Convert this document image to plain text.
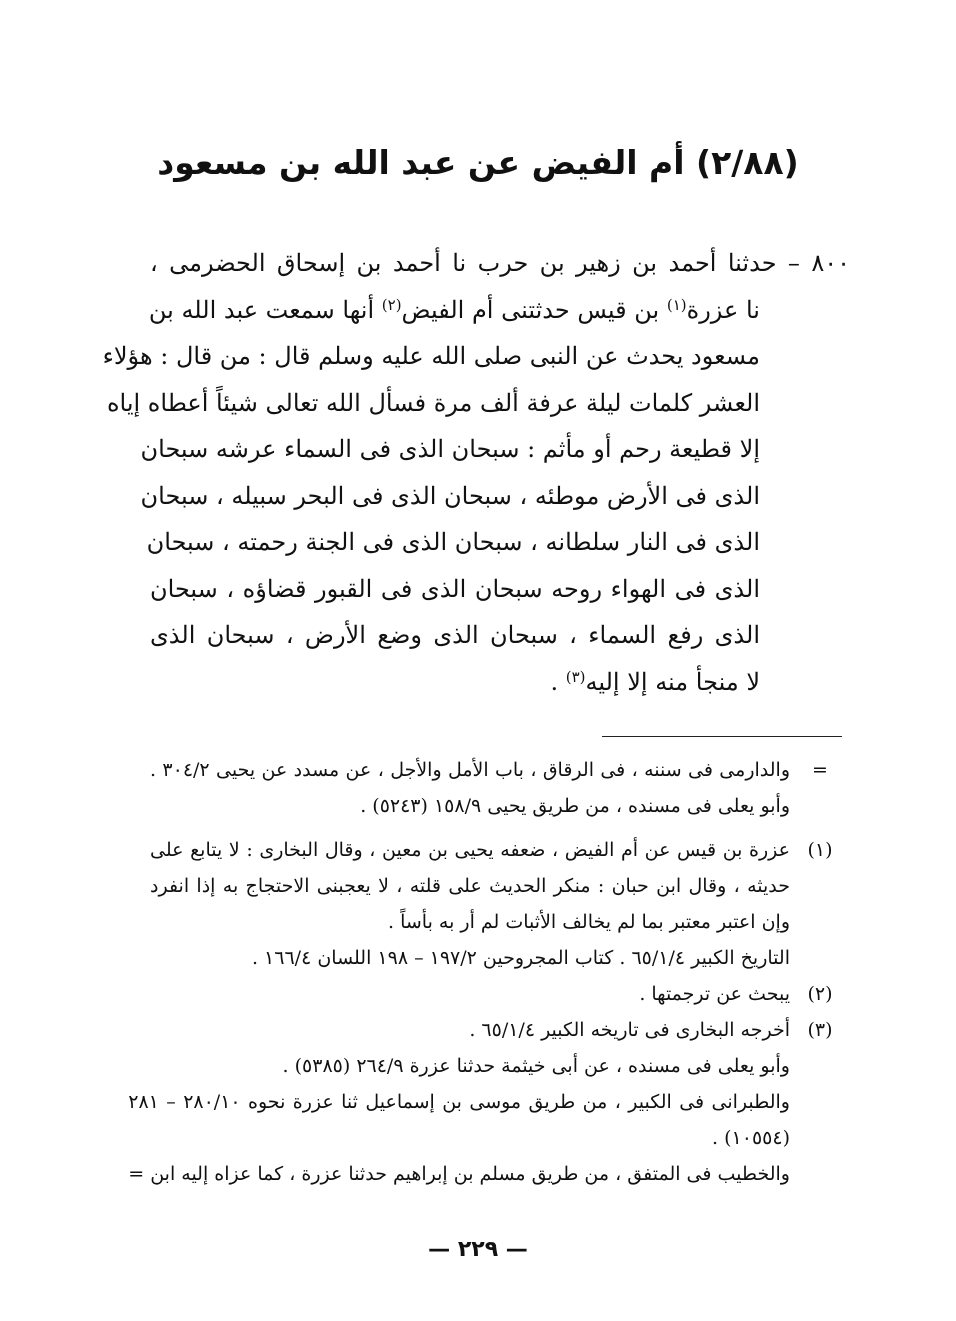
(٢/٨٨) أم الفيض عن عبد الله بن مسعود
٨٠٠ – حدثنا أحمد بن زهير بن حرب نا أحمد بن إسحاق الحضرمى ،
نا عزرة$^{(١)}$ بن قيس حدثتنى أم الفيض$^{(٢)}$ أنها سمعت عبد الله بن
مسعود يحدث عن النبى صلى الله عليه وسلم قال : من قال : هؤلاء
العشر كلمات ليلة عرفة ألف مرة فسأل الله تعالى شيئاً أعطاه إياه
إلا قطيعة رحم أو مأثم : سبحان الذى فى السماء عرشه سبحان
الذى فى الأرض موطئه ، سبحان الذى فى البحر سبيله ، سبحان
الذى فى النار سلطانه ، سبحان الذى فى الجنة رحمته ، سبحان
الذى فى الهواء روحه سبحان الذى فى القبور قضاؤه ، سبحان
الذى رفع السماء ، سبحان الذى وضع الأرض ، سبحان الذى
لا منجأ منه إلا إليه$^{(٣)}$ .
=
والدارمى فى سننه ، فى الرقاق ، باب الأمل والأجل ، عن مسدد عن يحيى ٣٠٤/٢ .
وأبو يعلى فى مسنده ، من طريق يحيى ١٥٨/٩ (٥٢٤٣) .
(١)
عزرة بن قيس عن أم الفيض ، ضعفه يحيى بن معين ، وقال البخارى : لا يتابع على
حديثه ، وقال ابن حبان : منكر الحديث على قلته ، لا يعجبنى الاحتجاج به إذا انفرد
وإن اعتبر معتبر بما لم يخالف الأثبات لم أر به بأساً .
التاريخ الكبير ٦٥/١/٤ . كتاب المجروحين ١٩٧/٢ – ١٩٨ اللسان ١٦٦/٤ .
(٢)
يبحث عن ترجمتها .
(٣)
أخرجه البخارى فى تاريخه الكبير ٦٥/١/٤ .
وأبو يعلى فى مسنده ، عن أبى خيثمة حدثنا عزرة ٢٦٤/٩ (٥٣٨٥) .
والطبرانى فى الكبير ، من طريق موسى بن إسماعيل ثنا عزرة نحوه ٢٨٠/١٠ – ٢٨١
(١٠٥٥٤) .
والخطيب فى المتفق ، من طريق مسلم بن إبراهيم حدثنا عزرة ، كما عزاه إليه ابن =
— ٢٢٩ —
